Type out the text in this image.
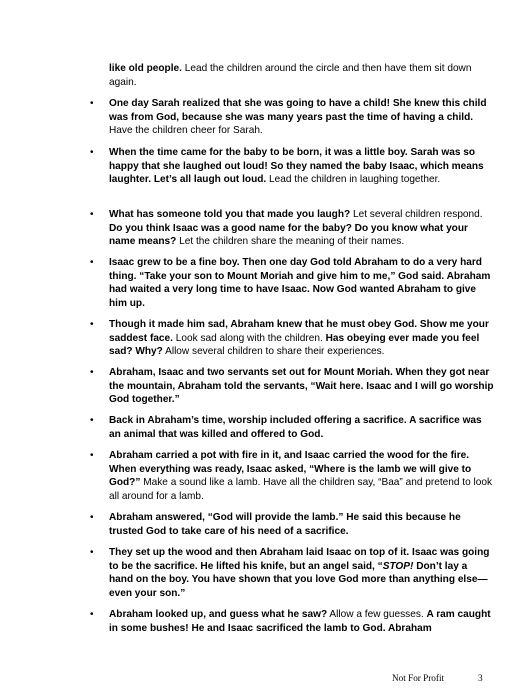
like old people. Lead the children around the circle and then have them sit down again.

• One day Sarah realized that she was going to have a child! She knew this child was from God, because she was many years past the time of having a child. Have the children cheer for Sarah.

• When the time came for the baby to be born, it was a little boy. Sarah was so happy that she laughed out loud! So they named the baby Isaac, which means laughter. Let’s all laugh out loud. Lead the children in laughing together.

• What has someone told you that made you laugh? Let several children respond. Do you think Isaac was a good name for the baby? Do you know what your name means? Let the children share the meaning of their names.

• Isaac grew to be a fine boy. Then one day God told Abraham to do a very hard thing. “Take your son to Mount Moriah and give him to me,” God said. Abraham had waited a very long time to have Isaac. Now God wanted Abraham to give him up.

• Though it made him sad, Abraham knew that he must obey God. Show me your saddest face. Look sad along with the children. Has obeying ever made you feel sad? Why? Allow several children to share their experiences.

• Abraham, Isaac and two servants set out for Mount Moriah. When they got near the mountain, Abraham told the servants, “Wait here. Isaac and I will go worship God together.”

• Back in Abraham’s time, worship included offering a sacrifice. A sacrifice was an animal that was killed and offered to God.

• Abraham carried a pot with fire in it, and Isaac carried the wood for the fire. When everything was ready, Isaac asked, “Where is the lamb we will give to God?” Make a sound like a lamb. Have all the children say, “Baa” and pretend to look all around for a lamb.

• Abraham answered, “God will provide the lamb.” He said this because he trusted God to take care of his need of a sacrifice.

• They set up the wood and then Abraham laid Isaac on top of it. Isaac was going to be the sacrifice. He lifted his knife, but an angel said, “STOP! Don’t lay a hand on the boy. You have shown that you love God more than anything else—even your son.”

• Abraham looked up, and guess what he saw? Allow a few guesses. A ram caught in some bushes! He and Isaac sacrificed the lamb to God. Abraham

Not For Profit	3
